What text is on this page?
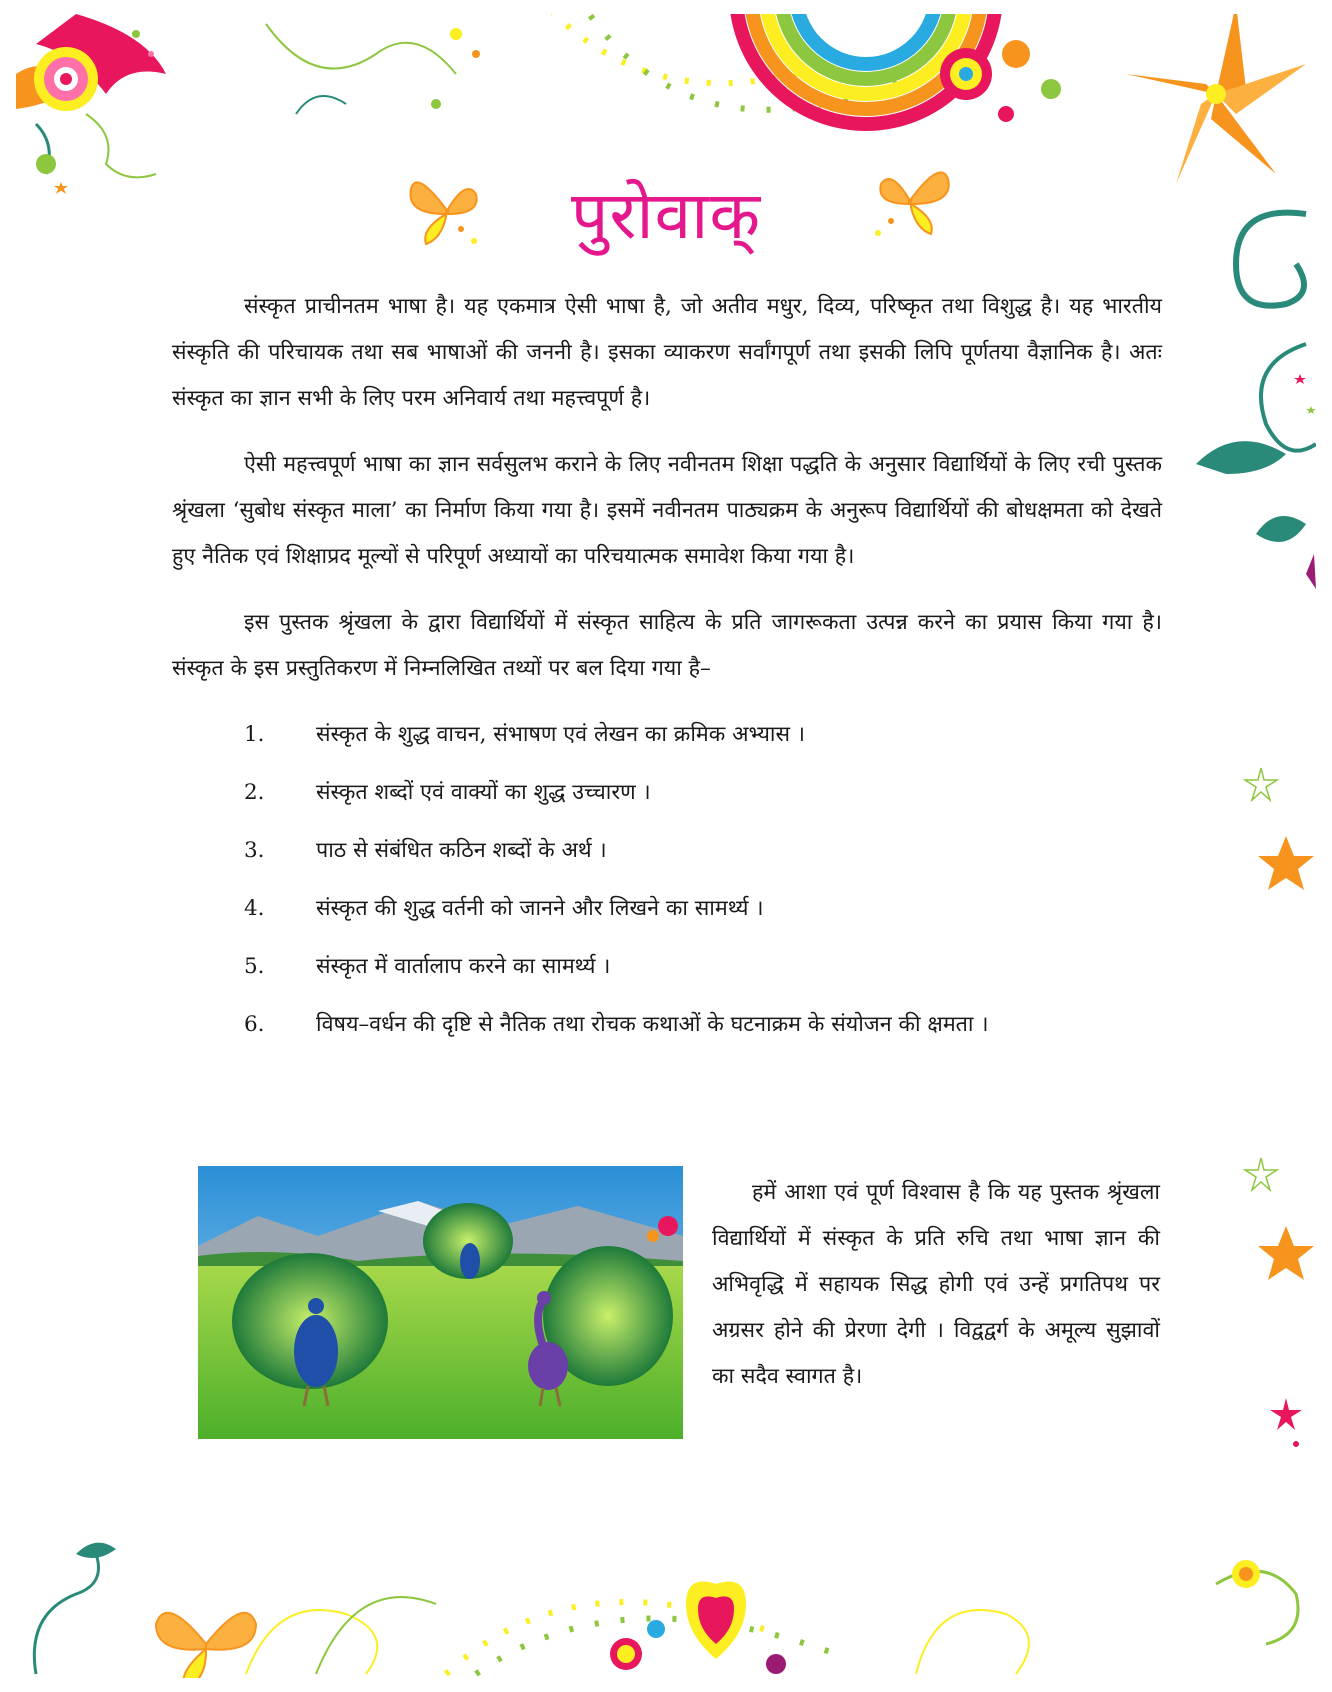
पुरोवाक्

संस्कृत प्राचीनतम भाषा है। यह एकमात्र ऐसी भाषा है, जो अतीव मधुर, दिव्य, परिष्कृत तथा विशुद्ध है। यह भारतीय संस्कृति की परिचायक तथा सब भाषाओं की जननी है। इसका व्याकरण सर्वांगपूर्ण तथा इसकी लिपि पूर्णतया वैज्ञानिक है। अतः संस्कृत का ज्ञान सभी के लिए परम अनिवार्य तथा महत्त्वपूर्ण है।

ऐसी महत्त्वपूर्ण भाषा का ज्ञान सर्वसुलभ कराने के लिए नवीनतम शिक्षा पद्धति के अनुसार विद्यार्थियों के लिए रची पुस्तक श्रृंखला ‘सुबोध संस्कृत माला’ का निर्माण किया गया है। इसमें नवीनतम पाठ्यक्रम के अनुरूप विद्यार्थियों की बोधक्षमता को देखते हुए नैतिक एवं शिक्षाप्रद मूल्यों से परिपूर्ण अध्यायों का परिचयात्मक समावेश किया गया है।

इस पुस्तक श्रृंखला के द्वारा विद्यार्थियों में संस्कृत साहित्य के प्रति जागरूकता उत्पन्न करने का प्रयास किया गया है। संस्कृत के इस प्रस्तुतिकरण में निम्नलिखित तथ्यों पर बल दिया गया है–

1.	संस्कृत के शुद्ध वाचन, संभाषण एवं लेखन का क्रमिक अभ्यास ।
2.	संस्कृत शब्दों एवं वाक्यों का शुद्ध उच्चारण ।
3.	पाठ से संबंधित कठिन शब्दों के अर्थ ।
4.	संस्कृत की शुद्ध वर्तनी को जानने और लिखने का सामर्थ्य ।
5.	संस्कृत में वार्तालाप करने का सामर्थ्य ।
6.	विषय–वर्धन की दृष्टि से नैतिक तथा रोचक कथाओं के घटनाक्रम के संयोजन की क्षमता ।

हमें आशा एवं पूर्ण विश्वास है कि यह पुस्तक श्रृंखला विद्यार्थियों में संस्कृत के प्रति रुचि तथा भाषा ज्ञान की अभिवृद्धि में सहायक सिद्ध होगी एवं उन्हें प्रगतिपथ पर अग्रसर होने की प्रेरणा देगी । विद्वद्वर्ग के अमूल्य सुझावों का सदैव स्वागत है।
